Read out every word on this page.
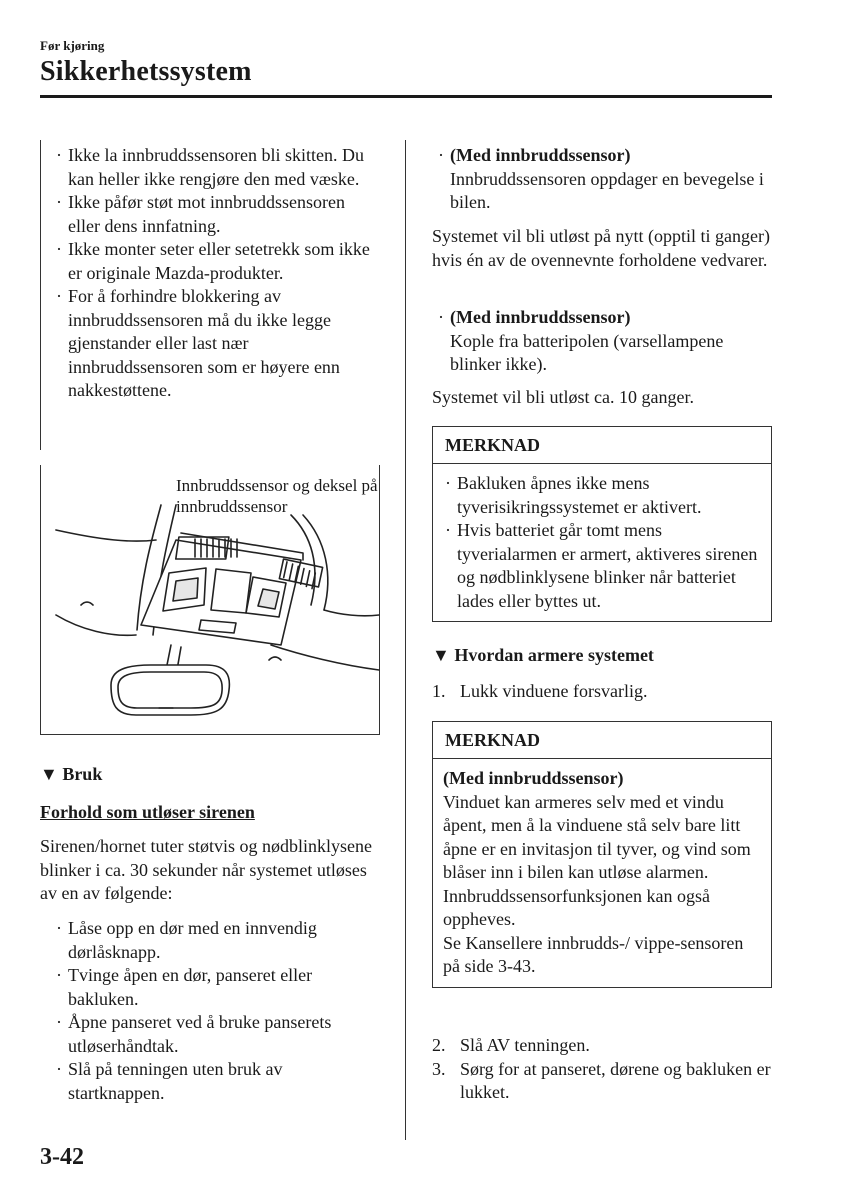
Før kjøring
Sikkerhetssystem
· Ikke la innbruddssensoren bli skitten. Du kan heller ikke rengjøre den med væske.
· Ikke påfør støt mot innbruddssensoren eller dens innfatning.
· Ikke monter seter eller setetrekk som ikke er originale Mazda-produkter.
· For å forhindre blokkering av innbruddssensoren må du ikke legge gjenstander eller last nær innbruddssensoren som er høyere enn nakkestøttene.
Innbruddssensor og deksel på innbruddssensor
▼ Bruk
Forhold som utløser sirenen
Sirenen/hornet tuter støtvis og nødblinklysene blinker i ca. 30 sekunder når systemet utløses av en av følgende:
· Låse opp en dør med en innvendig dørlåsknapp.
· Tvinge åpen en dør, panseret eller bakluken.
· Åpne panseret ved å bruke panserets utløserhåndtak.
· Slå på tenningen uten bruk av startknappen.
· (Med innbruddssensor)
Innbruddssensoren oppdager en bevegelse i bilen.
Systemet vil bli utløst på nytt (opptil ti ganger) hvis én av de ovennevnte forholdene vedvarer.
· (Med innbruddssensor)
Kople fra batteripolen (varsellampene blinker ikke).
Systemet vil bli utløst ca. 10 ganger.
MERKNAD
· Bakluken åpnes ikke mens tyverisikringssystemet er aktivert.
· Hvis batteriet går tomt mens tyverialarmen er armert, aktiveres sirenen og nødblinklysene blinker når batteriet lades eller byttes ut.
▼ Hvordan armere systemet
1. Lukk vinduene forsvarlig.
MERKNAD
(Med innbruddssensor)
Vinduet kan armeres selv med et vindu åpent, men å la vinduene stå selv bare litt åpne er en invitasjon til tyver, og vind som blåser inn i bilen kan utløse alarmen.
Innbruddssensorfunksjonen kan også oppheves.
Se Kansellere innbrudds-/ vippe-sensoren på side 3-43.
2. Slå AV tenningen.
3. Sørg for at panseret, dørene og bakluken er lukket.
3-42
